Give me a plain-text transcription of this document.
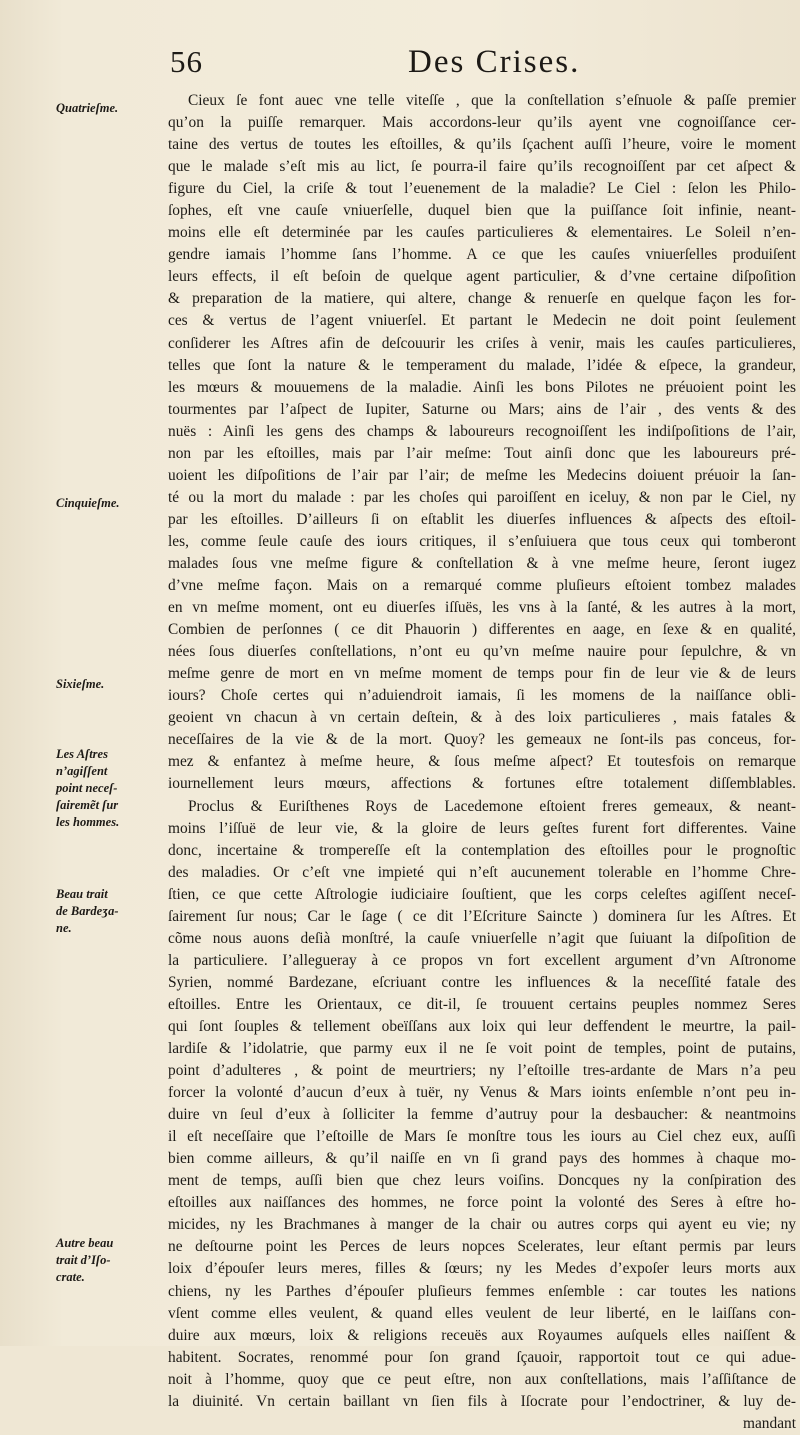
56	Des Crises.
Quatrieſme.
Cinquieſme.
Sixieſme.
Les Aſtres
n’agiſſent
point neceſ-
ſairemẽt ſur
les hommes.
Beau trait
de Bardeʒa-
ne.
Autre beau
trait d’Iſo-
crate.
Cieux ſe font auec vne telle viteſſe , que la conſtellation s’eſnuole & paſſe premier
qu’on la puiſſe remarquer. Mais accordons-leur qu’ils ayent vne cognoiſſance cer-
taine des vertus de toutes les eſtoilles, & qu’ils ſçachent auſſi l’heure, voire le moment
que le malade s’eſt mis au lict, ſe pourra-il faire qu’ils recognoiſſent par cet aſpect &
figure du Ciel, la criſe & tout l’euenement de la maladie? Le Ciel : ſelon les Philo-
ſophes, eſt vne cauſe vniuerſelle, duquel bien que la puiſſance ſoit infinie, neant-
moins elle eſt determinée par les cauſes particulieres & elementaires. Le Soleil n’en-
gendre iamais l’homme ſans l’homme. A ce que les cauſes vniuerſelles produiſent
leurs effects, il eſt beſoin de quelque agent particulier, & d’vne certaine diſpoſition
& preparation de la matiere, qui altere, change & renuerſe en quelque façon les for-
ces & vertus de l’agent vniuerſel. Et partant le Medecin ne doit point ſeulement
conſiderer les Aſtres afin de deſcouurir les criſes à venir, mais les cauſes particulieres,
telles que ſont la nature & le temperament du malade, l’idée & eſpece, la grandeur,
les mœurs & mouuemens de la maladie. Ainſi les bons Pilotes ne préuoient point les
tourmentes par l’aſpect de Iupiter, Saturne ou Mars; ains de l’air , des vents & des
nuës : Ainſi les gens des champs & laboureurs recognoiſſent les indiſpoſitions de l’air,
non par les eſtoilles, mais par l’air meſme: Tout ainſi donc que les laboureurs pré-
uoient les diſpoſitions de l’air par l’air; de meſme les Medecins doiuent préuoir la ſan-
té ou la mort du malade : par les choſes qui paroiſſent en iceluy, & non par le Ciel, ny
par les eſtoilles. D’ailleurs ſi on eſtablit les diuerſes influences & aſpects des eſtoil-
les, comme ſeule cauſe des iours critiques, il s’enſuiuera que tous ceux qui tomberont
malades ſous vne meſme figure & conſtellation & à vne meſme heure, ſeront iugez
d’vne meſme façon. Mais on a remarqué comme pluſieurs eſtoient tombez malades
en vn meſme moment, ont eu diuerſes iſſuës, les vns à la ſanté, & les autres à la mort,
Combien de perſonnes ( ce dit Phauorin ) differentes en aage, en ſexe & en qualité,
nées ſous diuerſes conſtellations, n’ont eu qu’vn meſme nauire pour ſepulchre, & vn
meſme genre de mort en vn meſme moment de temps pour fin de leur vie & de leurs
iours? Choſe certes qui n’aduiendroit iamais, ſi les momens de la naiſſance obli-
geoient vn chacun à vn certain deſtein, & à des loix particulieres , mais fatales &
neceſſaires de la vie & de la mort. Quoy? les gemeaux ne ſont-ils pas conceus, for-
mez & enfantez à meſme heure, & ſous meſme aſpect? Et toutesfois on remarque
iournellement leurs mœurs, affections & fortunes eſtre totalement diſſemblables.
Proclus & Euriſthenes Roys de Lacedemone eſtoient freres gemeaux, & neant-
moins l’iſſuë de leur vie, & la gloire de leurs geſtes furent fort differentes. Vaine
donc, incertaine & trompereſſe eſt la contemplation des eſtoilles pour le prognoſtic
des maladies. Or c’eſt vne impieté qui n’eſt aucunement tolerable en l’homme Chre-
ſtien, ce que cette Aſtrologie iudiciaire ſouſtient, que les corps celeſtes agiſſent neceſ-
ſairement ſur nous; Car le ſage ( ce dit l’Eſcriture Saincte ) dominera ſur les Aſtres. Et
cõme nous auons deſià monſtré, la cauſe vniuerſelle n’agit que ſuiuant la diſpoſition de
la particuliere. I’allegueray à ce propos vn fort excellent argument d’vn Aſtronome
Syrien, nommé Bardezane, eſcriuant contre les influences & la neceſſité fatale des
eſtoilles. Entre les Orientaux, ce dit-il, ſe trouuent certains peuples nommez Seres
qui ſont ſouples & tellement obeïſſans aux loix qui leur deffendent le meurtre, la pail-
lardiſe & l’idolatrie, que parmy eux il ne ſe voit point de temples, point de putains,
point d’adulteres , & point de meurtriers; ny l’eſtoille tres-ardante de Mars n’a peu
forcer la volonté d’aucun d’eux à tuër, ny Venus & Mars ioints enſemble n’ont peu in-
duire vn ſeul d’eux à ſolliciter la femme d’autruy pour la desbaucher: & neantmoins
il eſt neceſſaire que l’eſtoille de Mars ſe monſtre tous les iours au Ciel chez eux, auſſi
bien comme ailleurs, & qu’il naiſſe en vn ſi grand pays des hommes à chaque mo-
ment de temps, auſſi bien que chez leurs voiſins. Doncques ny la conſpiration des
eſtoilles aux naiſſances des hommes, ne force point la volonté des Seres à eſtre ho-
micides, ny les Brachmanes à manger de la chair ou autres corps qui ayent eu vie; ny
ne deſtourne point les Perces de leurs nopces Scelerates, leur eſtant permis par leurs
loix d’épouſer leurs meres, filles & ſœurs; ny les Medes d’expoſer leurs morts aux
chiens, ny les Parthes d’épouſer pluſieurs femmes enſemble : car toutes les nations
vſent comme elles veulent, & quand elles veulent de leur liberté, en le laiſſans con-
duire aux mœurs, loix & religions receuës aux Royaumes auſquels elles naiſſent &
habitent. Socrates, renommé pour ſon grand ſçauoir, rapportoit tout ce qui adue-
noit à l’homme, quoy que ce peut eſtre, non aux conſtellations, mais l’aſſiſtance de
la diuinité. Vn certain baillant vn ſien fils à Iſocrate pour l’endoctriner, & luy de-
mandant
